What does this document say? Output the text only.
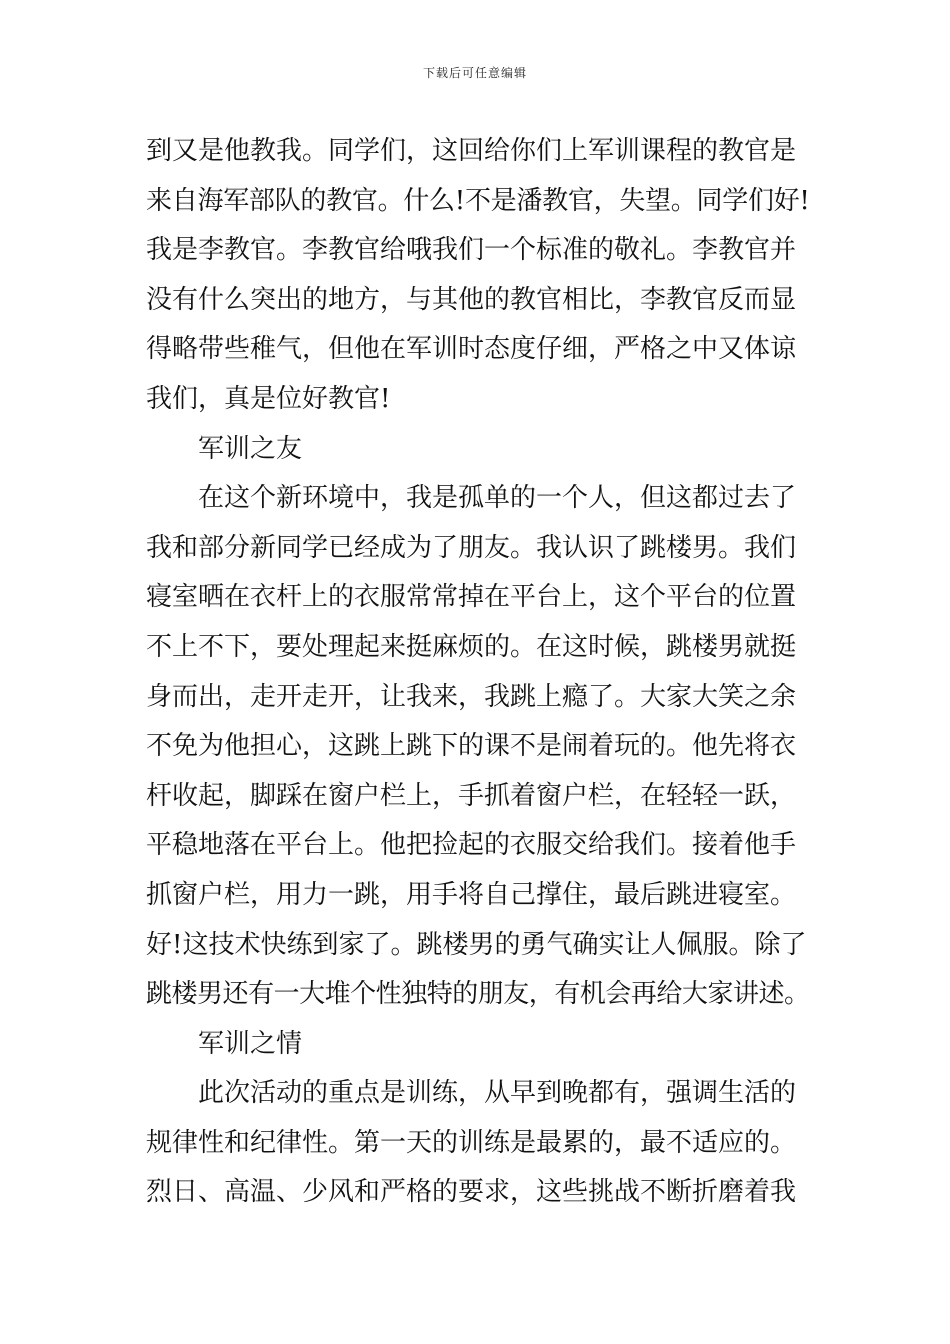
下载后可任意编辑
到又是他教我。同学们，这回给你们上军训课程的教官是
来自海军部队的教官。什么!不是潘教官，失望。同学们好!
我是李教官。李教官给哦我们一个标准的敬礼。李教官并
没有什么突出的地方，与其他的教官相比，李教官反而显
得略带些稚气，但他在军训时态度仔细，严格之中又体谅
我们，真是位好教官!
军训之友
在这个新环境中，我是孤单的一个人，但这都过去了
我和部分新同学已经成为了朋友。我认识了跳楼男。我们
寝室晒在衣杆上的衣服常常掉在平台上，这个平台的位置
不上不下，要处理起来挺麻烦的。在这时候，跳楼男就挺
身而出，走开走开，让我来，我跳上瘾了。大家大笑之余
不免为他担心，这跳上跳下的课不是闹着玩的。他先将衣
杆收起，脚踩在窗户栏上，手抓着窗户栏，在轻轻一跃，
平稳地落在平台上。他把捡起的衣服交给我们。接着他手
抓窗户栏，用力一跳，用手将自己撑住，最后跳进寝室。
好!这技术快练到家了。跳楼男的勇气确实让人佩服。除了
跳楼男还有一大堆个性独特的朋友，有机会再给大家讲述。
军训之情
此次活动的重点是训练，从早到晚都有，强调生活的
规律性和纪律性。第一天的训练是最累的，最不适应的。
烈日、高温、少风和严格的要求，这些挑战不断折磨着我
